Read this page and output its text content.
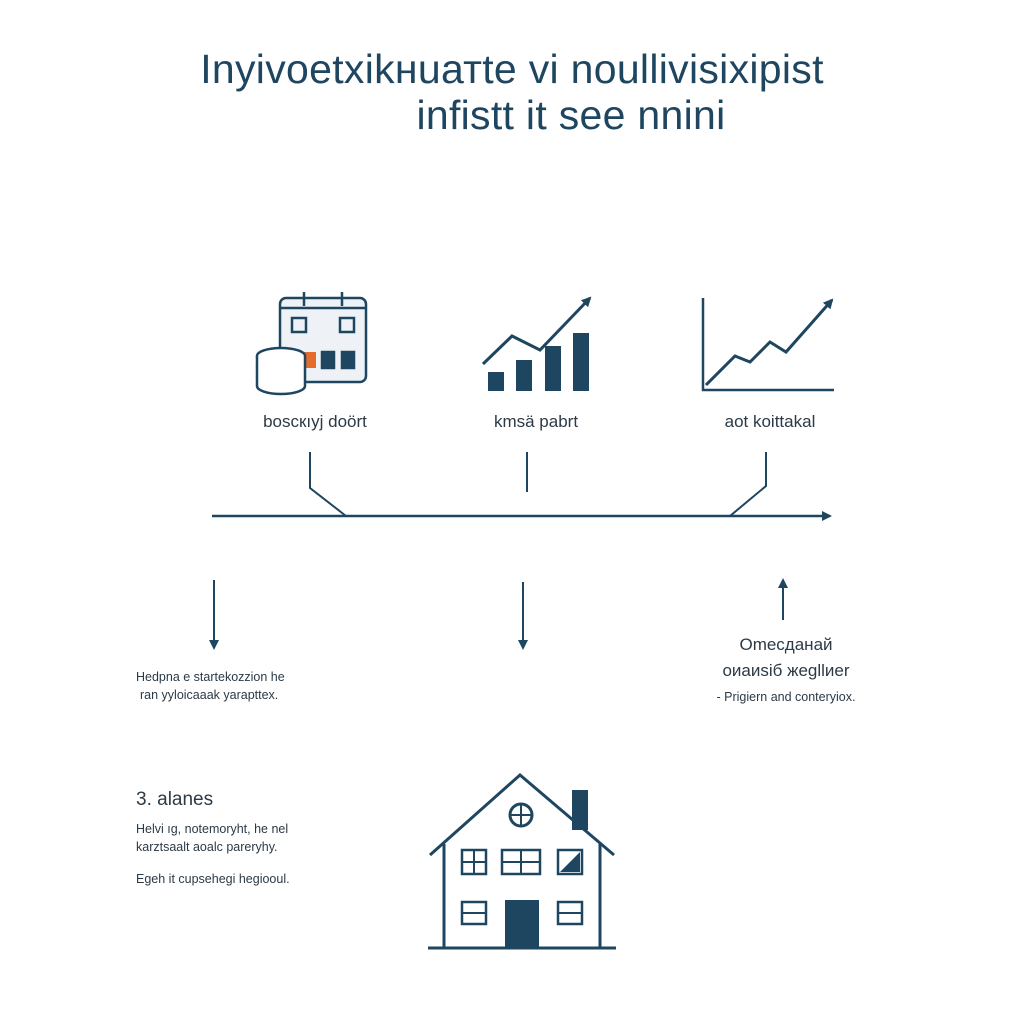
Inyivoetxikнuатte vi noullivisixipist
infistt it see nnini
boscкıyj doört	kmsä pabrt	aot koittakal
Hedpna e startekozzion he
ran yyloicaaak yarapttex.
Omecдaнaй
oиaиsiб жegllиer
- Prigiern and conteryiox.
3. alanes
Helvi ıg, notemoryht, he nel
karztsaalt aoalc pareryhy.
Egeh it cupsehegi hegiooul.
